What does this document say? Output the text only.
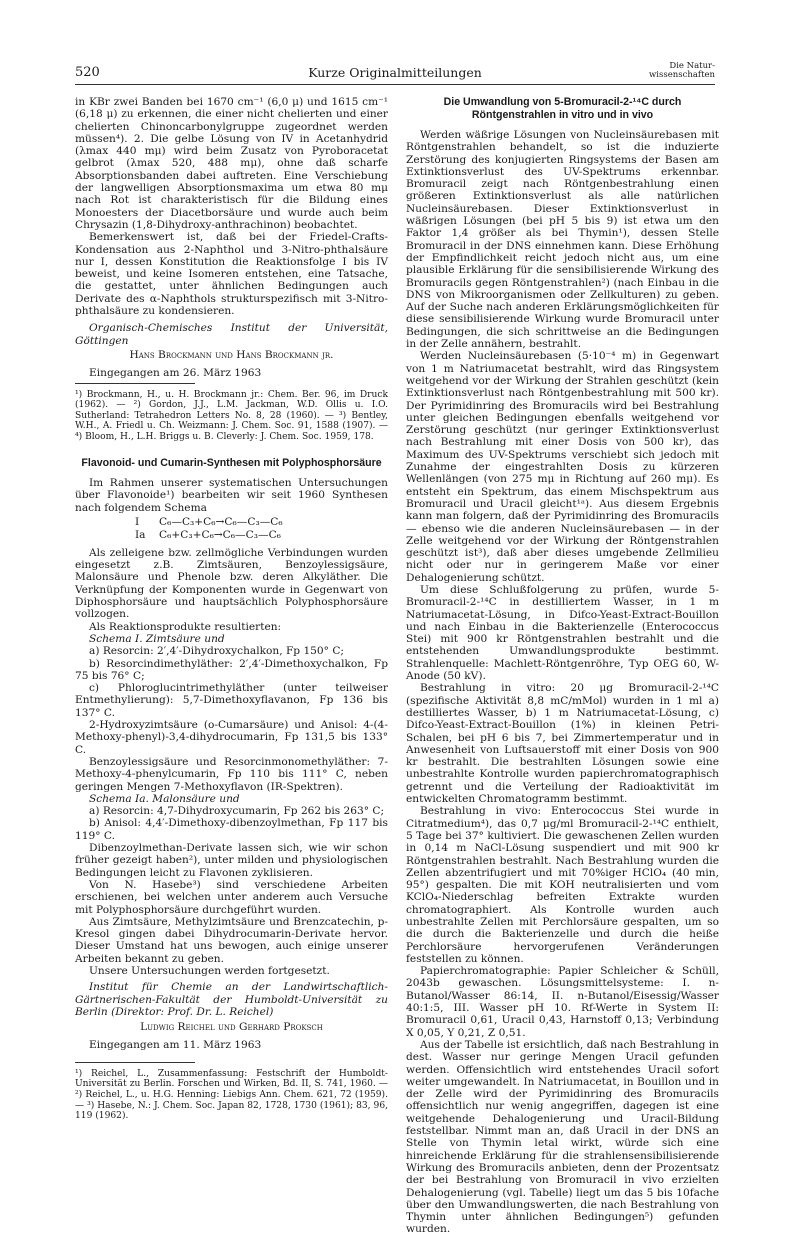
520	Kurze Originalmitteilungen	Die Natur-
wissenschaften

in KBr zwei Banden bei 1670 cm⁻¹ (6,0 μ) und 1615 cm⁻¹ (6,18 μ) zu erkennen, die einer nicht chelierten und einer chelierten Chinoncarbonylgruppe zugeordnet werden müssen⁴). 2. Die gelbe Lösung von IV in Acetanhydrid (λmax 440 mμ) wird beim Zusatz von Pyroboracetat gelbrot (λmax 520, 488 mμ), ohne daß scharfe Absorptionsbanden dabei auftreten. Eine Verschiebung der langwelligen Absorptionsmaxima um etwa 80 mμ nach Rot ist charakteristisch für die Bildung eines Monoesters der Diacetborsäure und wurde auch beim Chrysazin (1,8-Dihydroxy-anthrachinon) beobachtet.

Bemerkenswert ist, daß bei der Friedel-Crafts-Kondensation aus 2-Naphthol und 3-Nitro-phthalsäure nur I, dessen Konstitution die Reaktionsfolge I bis IV beweist, und keine Isomeren entstehen, eine Tatsache, die gestattet, unter ähnlichen Bedingungen auch Derivate des α-Naphthols strukturspezifisch mit 3-Nitro-phthalsäure zu kondensieren.

Organisch-Chemisches Institut der Universität, Göttingen

Hans Brockmann und Hans Brockmann jr.

Eingegangen am 26. März 1963

¹) Brockmann, H., u. H. Brockmann jr.: Chem. Ber. 96, im Druck (1962). — ²) Gordon, J.J., L.M. Jackman, W.D. Ollis u. I.O. Sutherland: Tetrahedron Letters No. 8, 28 (1960). — ³) Bentley, W.H., A. Friedl u. Ch. Weizmann: J. Chem. Soc. 91, 1588 (1907). — ⁴) Bloom, H., L.H. Briggs u. B. Cleverly: J. Chem. Soc. 1959, 178.
Flavonoid- und Cumarin-Synthesen mit Polyphosphorsäure

Im Rahmen unserer systematischen Untersuchungen über Flavonoide¹) bearbeiten wir seit 1960 Synthesen nach folgendem Schema

I C₆—C₃+C₆→C₆—C₃—C₆
Ia C₆+C₃+C₆→C₆—C₃—C₆

Als zelleigene bzw. zellmögliche Verbindungen wurden eingesetzt z.B. Zimtsäuren, Benzoylessigsäure, Malonsäure und Phenole bzw. deren Alkyläther. Die Verknüpfung der Komponenten wurde in Gegenwart von Diphosphorsäure und hauptsächlich Polyphosphorsäure vollzogen.

Als Reaktionsprodukte resultierten:

Schema I. Zimtsäure und

a) Resorcin: 2′,4′-Dihydroxychalkon, Fp 150° C;

b) Resorcindimethyläther: 2′,4′-Dimethoxychalkon, Fp 75 bis 76° C;

c) Phloroglucintrimethyläther (unter teilweiser Entmethylierung): 5,7-Dimethoxyflavanon, Fp 136 bis 137° C.

2-Hydroxyzimtsäure (o-Cumarsäure) und Anisol: 4-(4-Methoxy-phenyl)-3,4-dihydrocumarin, Fp 131,5 bis 133° C.

Benzoylessigsäure und Resorcinmonomethyläther: 7-Methoxy-4-phenylcumarin, Fp 110 bis 111° C, neben geringen Mengen 7-Methoxyflavon (IR-Spektren).

Schema Ia. Malonsäure und

a) Resorcin: 4,7-Dihydroxycumarin, Fp 262 bis 263° C;

b) Anisol: 4,4′-Dimethoxy-dibenzoylmethan, Fp 117 bis 119° C.

Dibenzoylmethan-Derivate lassen sich, wie wir schon früher gezeigt haben²), unter milden und physiologischen Bedingungen leicht zu Flavonen zyklisieren.

Von N. Hasebe³) sind verschiedene Arbeiten erschienen, bei welchen unter anderem auch Versuche mit Polyphosphorsäure durchgeführt wurden.

Aus Zimtsäure, Methylzimtsäure und Brenzcatechin, p-Kresol gingen dabei Dihydrocumarin-Derivate hervor. Dieser Umstand hat uns bewogen, auch einige unserer Arbeiten bekannt zu geben.

Unsere Untersuchungen werden fortgesetzt.

Institut für Chemie an der Landwirtschaftlich-Gärtnerischen-Fakultät der Humboldt-Universität zu Berlin (Direktor: Prof. Dr. L. Reichel)

Ludwig Reichel und Gerhard Proksch

Eingegangen am 11. März 1963

¹) Reichel, L., Zusammenfassung: Festschrift der Humboldt-Universität zu Berlin. Forschen und Wirken, Bd. II, S. 741, 1960. — ²) Reichel, L., u. H.G. Henning: Liebigs Ann. Chem. 621, 72 (1959). — ³) Hasebe, N.: J. Chem. Soc. Japan 82, 1728, 1730 (1961); 83, 96, 119 (1962).
Die Umwandlung von 5-Bromuracil-2-¹⁴C durch Röntgenstrahlen in vitro und in vivo

Werden wäßrige Lösungen von Nucleinsäurebasen mit Röntgenstrahlen behandelt, so ist die induzierte Zerstörung des konjugierten Ringsystems der Basen am Extinktionsverlust des UV-Spektrums erkennbar. Bromuracil zeigt nach Röntgenbestrahlung einen größeren Extinktionsverlust als alle natürlichen Nucleinsäurebasen. Dieser Extinktionsverlust in wäßrigen Lösungen (bei pH 5 bis 9) ist etwa um den Faktor 1,4 größer als bei Thymin¹), dessen Stelle Bromuracil in der DNS einnehmen kann. Diese Erhöhung der Empfindlichkeit reicht jedoch nicht aus, um eine plausible Erklärung für die sensibilisierende Wirkung des Bromuracils gegen Röntgenstrahlen²) (nach Einbau in die DNS von Mikroorganismen oder Zellkulturen) zu geben. Auf der Suche nach anderen Erklärungsmöglichkeiten für diese sensibilisierende Wirkung wurde Bromuracil unter Bedingungen, die sich schrittweise an die Bedingungen in der Zelle annähern, bestrahlt.

Werden Nucleinsäurebasen (5·10⁻⁴ m) in Gegenwart von 1 m Natriumacetat bestrahlt, wird das Ringsystem weitgehend vor der Wirkung der Strahlen geschützt (kein Extinktionsverlust nach Röntgenbestrahlung mit 500 kr). Der Pyrimidinring des Bromuracils wird bei Bestrahlung unter gleichen Bedingungen ebenfalls weitgehend vor Zerstörung geschützt (nur geringer Extinktionsverlust nach Bestrahlung mit einer Dosis von 500 kr), das Maximum des UV-Spektrums verschiebt sich jedoch mit Zunahme der eingestrahlten Dosis zu kürzeren Wellenlängen (von 275 mμ in Richtung auf 260 mμ). Es entsteht ein Spektrum, das einem Mischspektrum aus Bromuracil und Uracil gleicht¹ᵃ). Aus diesem Ergebnis kann man folgern, daß der Pyrimidinring des Bromuracils — ebenso wie die anderen Nucleinsäurebasen — in der Zelle weitgehend vor der Wirkung der Röntgenstrahlen geschützt ist³), daß aber dieses umgebende Zellmilieu nicht oder nur in geringerem Maße vor einer Dehalogenierung schützt.

Um diese Schlußfolgerung zu prüfen, wurde 5-Bromuracil-2-¹⁴C in destilliertem Wasser, in 1 m Natriumacetat-Lösung, in Difco-Yeast-Extract-Bouillon und nach Einbau in die Bakterienzelle (Enterococcus Stei) mit 900 kr Röntgenstrahlen bestrahlt und die entstehenden Umwandlungsprodukte bestimmt. Strahlenquelle: Machlett-Röntgenröhre, Typ OEG 60, W-Anode (50 kV).

Bestrahlung in vitro: 20 μg Bromuracil-2-¹⁴C (spezifische Aktivität 8,8 mC/mMol) wurden in 1 ml a) destilliertes Wasser, b) 1 m Natriumacetat-Lösung, c) Difco-Yeast-Extract-Bouillon (1%) in kleinen Petri-Schalen, bei pH 6 bis 7, bei Zimmertemperatur und in Anwesenheit von Luftsauerstoff mit einer Dosis von 900 kr bestrahlt. Die bestrahlten Lösungen sowie eine unbestrahlte Kontrolle wurden papierchromatographisch getrennt und die Verteilung der Radioaktivität im entwickelten Chromatogramm bestimmt.

Bestrahlung in vivo: Enterococcus Stei wurde in Citratmedium⁴), das 0,7 μg/ml Bromuracil-2-¹⁴C enthielt, 5 Tage bei 37° kultiviert. Die gewaschenen Zellen wurden in 0,14 m NaCl-Lösung suspendiert und mit 900 kr Röntgenstrahlen bestrahlt. Nach Bestrahlung wurden die Zellen abzentrifugiert und mit 70%iger HClO₄ (40 min, 95°) gespalten. Die mit KOH neutralisierten und vom KClO₄-Niederschlag befreiten Extrakte wurden chromatographiert. Als Kontrolle wurden auch unbestrahlte Zellen mit Perchlorsäure gespalten, um so die durch die Bakterienzelle und durch die heiße Perchlorsäure hervorgerufenen Veränderungen feststellen zu können.

Papierchromatographie: Papier Schleicher & Schüll, 2043b gewaschen. Lösungsmittelsysteme: I. n-Butanol/Wasser 86:14, II. n-Butanol/Eisessig/Wasser 40:1:5, III. Wasser pH 10. Rf-Werte in System II: Bromuracil 0,61, Uracil 0,43, Harnstoff 0,13; Verbindung X 0,05, Y 0,21, Z 0,51.

Aus der Tabelle ist ersichtlich, daß nach Bestrahlung in dest. Wasser nur geringe Mengen Uracil gefunden werden. Offensichtlich wird entstehendes Uracil sofort weiter umgewandelt. In Natriumacetat, in Bouillon und in der Zelle wird der Pyrimidinring des Bromuracils offensichtlich nur wenig angegriffen, dagegen ist eine weitgehende Dehalogenierung und Uracil-Bildung feststellbar. Nimmt man an, daß Uracil in der DNS an Stelle von Thymin letal wirkt, würde sich eine hinreichende Erklärung für die strahlensensibilisierende Wirkung des Bromuracils anbieten, denn der Prozentsatz der bei Bestrahlung von Bromuracil in vivo erzielten Dehalogenierung (vgl. Tabelle) liegt um das 5 bis 10fache über den Umwandlungswerten, die nach Bestrahlung von Thymin unter ähnlichen Bedingungen⁵) gefunden wurden.
